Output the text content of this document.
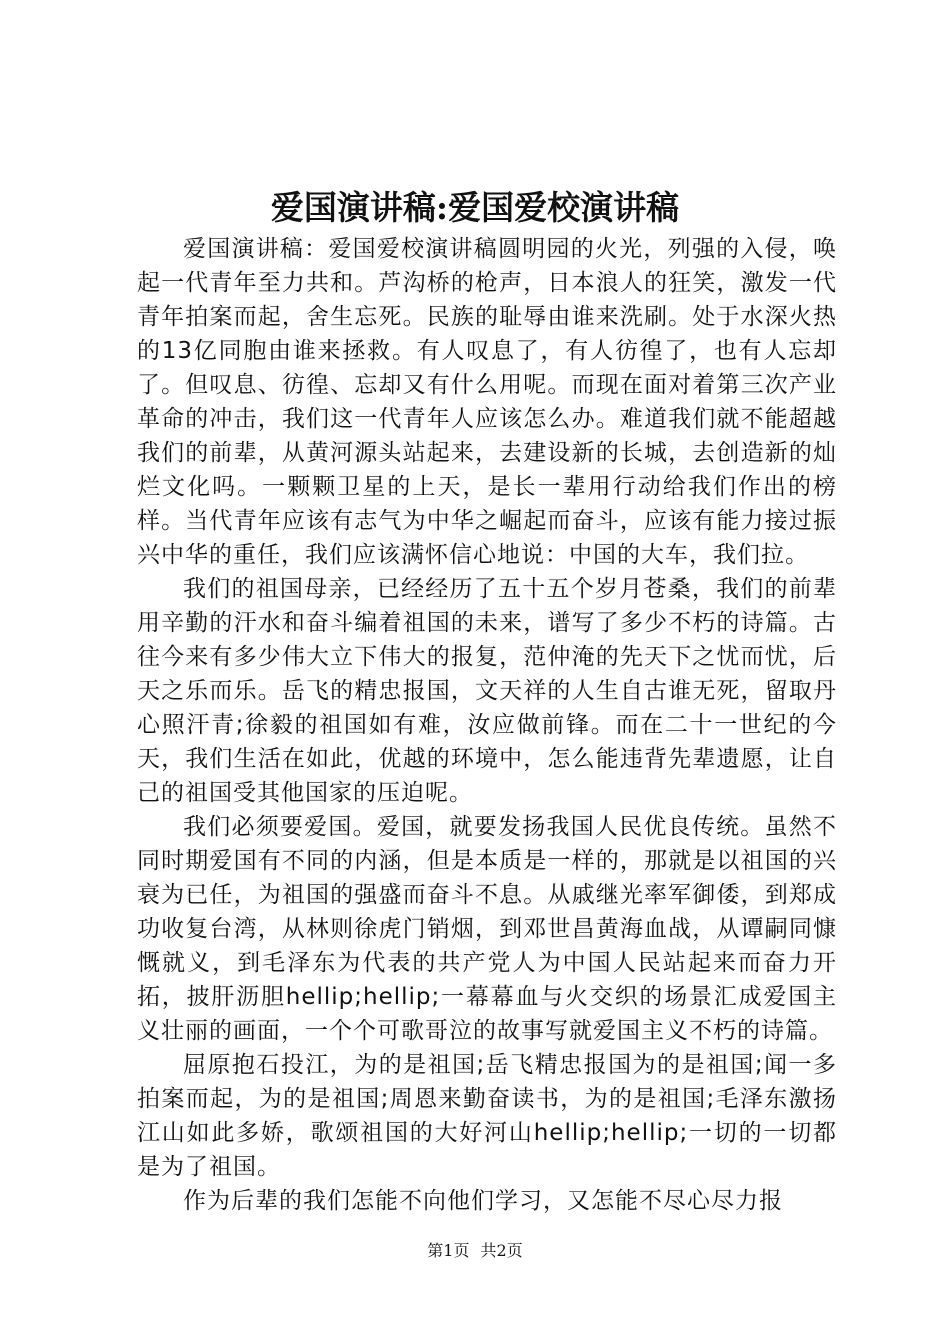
爱国演讲稿:爱国爱校演讲稿

爱国演讲稿：爱国爱校演讲稿圆明园的火光，列强的入侵，唤起一代青年至力共和。芦沟桥的枪声，日本浪人的狂笑，激发一代青年拍案而起，舍生忘死。民族的耻辱由谁来洗刷。处于水深火热的13亿同胞由谁来拯救。有人叹息了，有人彷徨了，也有人忘却了。但叹息、彷徨、忘却又有什么用呢。而现在面对着第三次产业革命的冲击，我们这一代青年人应该怎么办。难道我们就不能超越我们的前辈，从黄河源头站起来，去建设新的长城，去创造新的灿烂文化吗。一颗颗卫星的上天，是长一辈用行动给我们作出的榜样。当代青年应该有志气为中华之崛起而奋斗，应该有能力接过振兴中华的重任，我们应该满怀信心地说：中国的大车，我们拉。

我们的祖国母亲，已经经历了五十五个岁月苍桑，我们的前辈用辛勤的汗水和奋斗编着祖国的未来，谱写了多少不朽的诗篇。古往今来有多少伟大立下伟大的报复，范仲淹的先天下之忧而忧，后天之乐而乐。岳飞的精忠报国，文天祥的人生自古谁无死，留取丹心照汗青;徐毅的祖国如有难，汝应做前锋。而在二十一世纪的今天，我们生活在如此，优越的环境中，怎么能违背先辈遗愿，让自己的祖国受其他国家的压迫呢。

我们必须要爱国。爱国，就要发扬我国人民优良传统。虽然不同时期爱国有不同的内涵，但是本质是一样的，那就是以祖国的兴衰为已任，为祖国的强盛而奋斗不息。从戚继光率军御倭，到郑成功收复台湾，从林则徐虎门销烟，到邓世昌黄海血战，从谭嗣同慷慨就义，到毛泽东为代表的共产党人为中国人民站起来而奋力开拓，披肝沥胆hellip;hellip;一幕幕血与火交织的场景汇成爱国主义壮丽的画面，一个个可歌哥泣的故事写就爱国主义不朽的诗篇。

屈原抱石投江，为的是祖国;岳飞精忠报国为的是祖国;闻一多拍案而起，为的是祖国;周恩来勤奋读书，为的是祖国;毛泽东激扬江山如此多娇，歌颂祖国的大好河山hellip;hellip;一切的一切都是为了祖国。

作为后辈的我们怎能不向他们学习，又怎能不尽心尽力报

第1页 共2页
